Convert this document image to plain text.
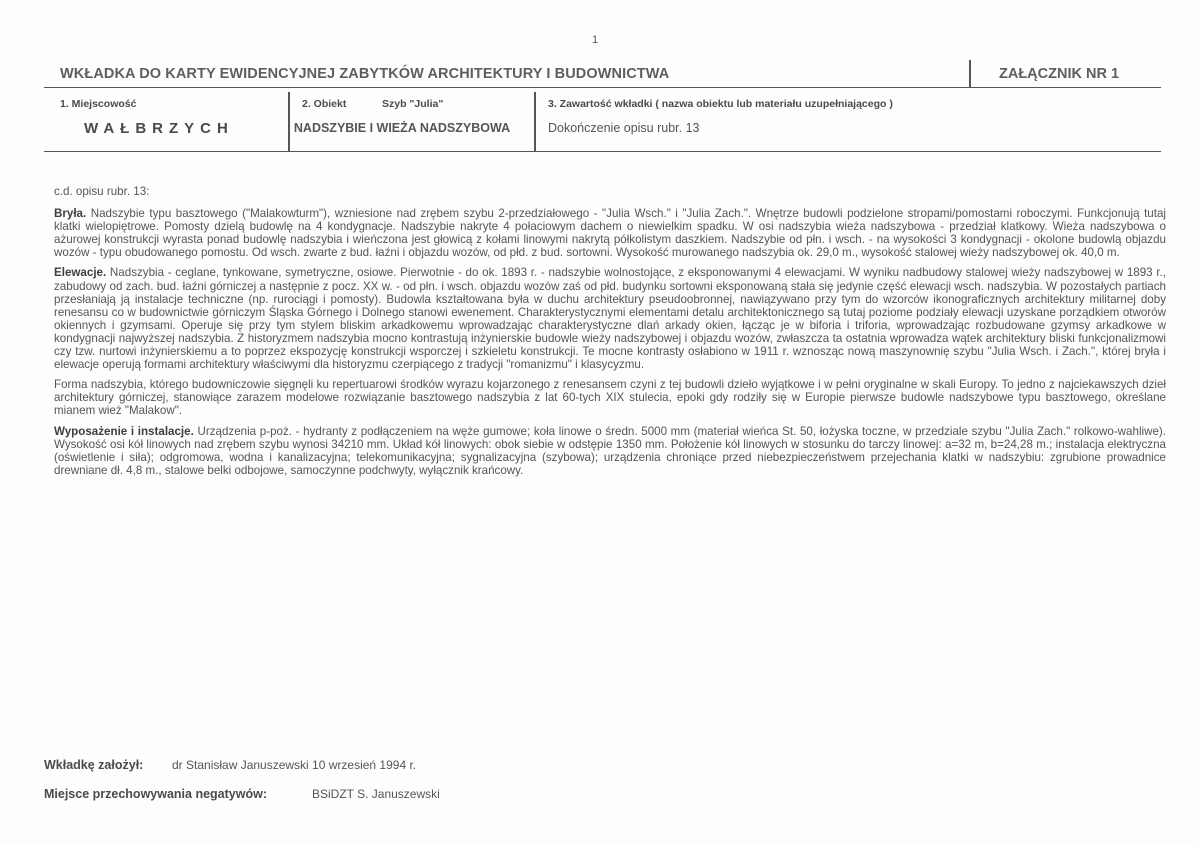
1
WKŁADKA DO KARTY EWIDENCYJNEJ ZABYTKÓW ARCHITEKTURY I BUDOWNICTWA	ZAŁĄCZNIK NR 1
1. Miejscowość
WAŁBRZYCH
2. Obiekt	Szyb "Julia"
NADSZYBIE I WIEŻA NADSZYBOWA
3. Zawartość wkładki ( nazwa obiektu lub materiału uzupełniającego )
Dokończenie opisu rubr. 13

c.d. opisu rubr. 13:

Bryła. Nadszybie typu basztowego ("Malakowturm"), wzniesione nad zrębem szybu 2-przedziałowego - "Julia Wsch." i "Julia Zach.". Wnętrze budowli podzielone stropami/pomostami roboczymi. Funkcjonują tutaj klatki wielopiętrowe. Pomosty dzielą budowlę na 4 kondygnacje. Nadszybie nakryte 4 połaciowym dachem o niewielkim spadku. W osi nadszybia wieża nadszybowa - przedział klatkowy. Wieża nadszybowa o ażurowej konstrukcji wyrasta ponad budowlę nadszybia i wieńczona jest głowicą z kołami linowymi nakrytą półkolistym daszkiem. Nadszybie od płn. i wsch. - na wysokości 3 kondygnacji - okolone budowlą objazdu wozów - typu obudowanego pomostu. Od wsch. zwarte z bud. łaźni i objazdu wozów, od płd. z bud. sortowni. Wysokość murowanego nadszybia ok. 29,0 m., wysokość stalowej wieży nadszybowej ok. 40,0 m.

Elewacje. Nadszybia - ceglane, tynkowane, symetryczne, osiowe. Pierwotnie - do ok. 1893 r. - nadszybie wolnostojące, z eksponowanymi 4 elewacjami. W wyniku nadbudowy stalowej wieży nadszybowej w 1893 r., zabudowy od zach. bud. łaźni górniczej a następnie z pocz. XX w. - od płn. i wsch. objazdu wozów zaś od płd. budynku sortowni eksponowaną stała się jedynie część elewacji wsch. nadszybia. W pozostałych partiach przesłaniają ją instalacje techniczne (np. rurociągi i pomosty). Budowla kształtowana była w duchu architektury pseudoobronnej, nawiązywano przy tym do wzorców ikonograficznych architektury militarnej doby renesansu co w budownictwie górniczym Śląska Górnego i Dolnego stanowi ewenement. Charakterystycznymi elementami detalu architektonicznego są tutaj poziome podziały elewacji uzyskane porządkiem otworów okiennych i gzymsami. Operuje się przy tym stylem bliskim arkadkowemu wprowadzając charakterystyczne dlań arkady okien, łącząc je w biforia i triforia, wprowadzając rozbudowane gzymsy arkadkowe w kondygnacji najwyższej nadszybia. Z historyzmem nadszybia mocno kontrastują inżynierskie budowle wieży nadszybowej i objazdu wozów, zwłaszcza ta ostatnia wprowadza wątek architektury bliski funkcjonalizmowi czy tzw. nurtowi inżynierskiemu a to poprzez ekspozycję konstrukcji wsporczej i szkieletu konstrukcji. Te mocne kontrasty osłabiono w 1911 r. wznosząc nową maszynownię szybu "Julia Wsch. i Zach.", której bryła i elewacje operują formami architektury właściwymi dla historyzmu czerpiącego z tradycji "romanizmu" i klasycyzmu.

Forma nadszybia, którego budowniczowie sięgnęli ku repertuarowi środków wyrazu kojarzonego z renesansem czyni z tej budowli dzieło wyjątkowe i w pełni oryginalne w skali Europy. To jedno z najciekawszych dzieł architektury górniczej, stanowiące zarazem modelowe rozwiązanie basztowego nadszybia z lat 60-tych XIX stulecia, epoki gdy rodziły się w Europie pierwsze budowle nadszybowe typu basztowego, określane mianem wież "Malakow".

Wyposażenie i instalacje. Urządzenia p-poż. - hydranty z podłączeniem na węże gumowe; koła linowe o średn. 5000 mm (materiał wieńca St. 50, łożyska toczne, w przedziale szybu "Julia Zach." rolkowo-wahliwe). Wysokość osi kół linowych nad zrębem szybu wynosi 34210 mm. Układ kół linowych: obok siebie w odstępie 1350 mm. Położenie kół linowych w stosunku do tarczy linowej: a=32 m, b=24,28 m.; instalacja elektryczna (oświetlenie i siła); odgromowa, wodna i kanalizacyjna; telekomunikacyjna; sygnalizacyjna (szybowa); urządzenia chroniące przed niebezpieczeństwem przejechania klatki w nadszybiu: zgrubione prowadnice drewniane dł. 4,8 m., stalowe belki odbojowe, samoczynne podchwyty, wyłącznik krańcowy.

Wkładkę założył: dr Stanisław Januszewski 10 wrzesień 1994 r.
Miejsce przechowywania negatywów:	BSiDZT S. Januszewski
